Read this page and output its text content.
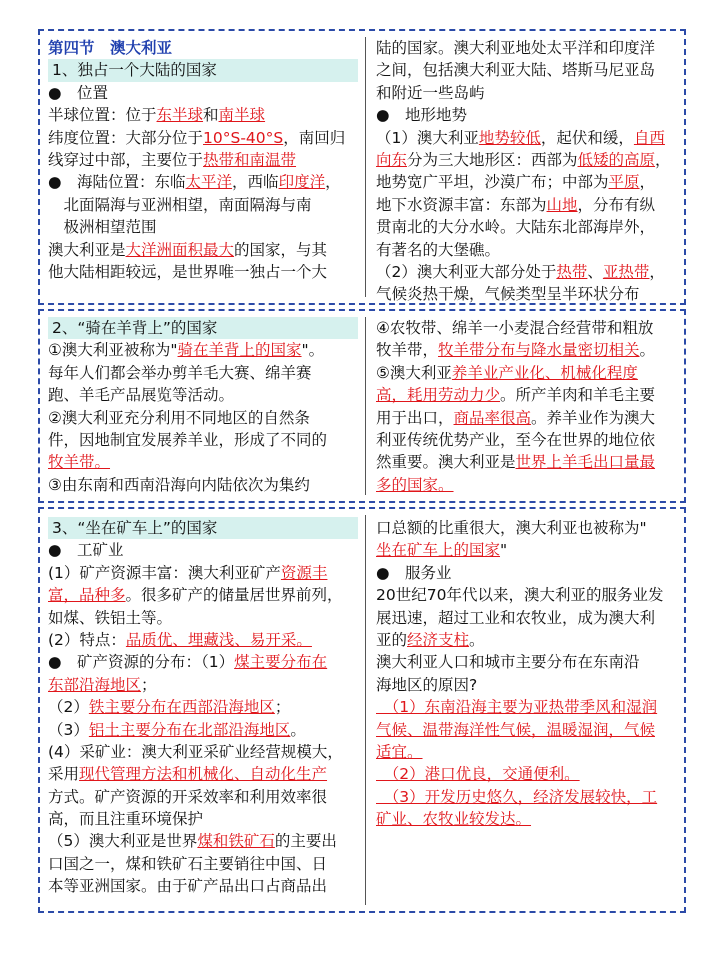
第四节　澳大利亚
1、独占一个大陆的国家
●　位置
半球位置：位于东半球和南半球
纬度位置：大部分位于10°S-40°S，南回归
线穿过中部，主要位于热带和南温带
●　海陆位置：东临太平洋，西临印度洋，
　北面隔海与亚洲相望，南面隔海与南
　极洲相望范围
澳大利亚是大洋洲面积最大的国家，与其
他大陆相距较远，是世界唯一独占一个大
陆的国家。澳大利亚地处太平洋和印度洋
之间，包括澳大利亚大陆、塔斯马尼亚岛
和附近一些岛屿
●　地形地势
（1）澳大利亚地势较低，起伏和缓，自西
向东分为三大地形区：西部为低矮的高原，
地势宽广平坦，沙漠广布；中部为平原，
地下水资源丰富：东部为山地，分布有纵
贯南北的大分水岭。大陆东北部海岸外，
有著名的大堡礁。
（2）澳大利亚大部分处于热带、亚热带，
气候炎热干燥，气候类型呈半环状分布
2、“骑在羊背上”的国家
①澳大利亚被称为"骑在羊背上的国家"。
每年人们都会举办剪羊毛大赛、绵羊赛
跑、羊毛产品展览等活动。
②澳大利亚充分利用不同地区的自然条
件，因地制宜发展养羊业，形成了不同的
牧羊带。
③由东南和西南沿海向内陆依次为集约
④农牧带、绵羊一小麦混合经营带和粗放
牧羊带，牧羊带分布与降水量密切相关。
⑤澳大利亚养羊业产业化、机械化程度
高，耗用劳动力少。所产羊肉和羊毛主要
用于出口，商品率很高。养羊业作为澳大
利亚传统优势产业，至今在世界的地位依
然重要。澳大利亚是世界上羊毛出口量最
多的国家。
3、“坐在矿车上”的国家
●　工矿业
(1）矿产资源丰富：澳大利亚矿产资源丰
富，品种多。很多矿产的储量居世界前列，
如煤、铁铝土等。
(2）特点：品质优、埋藏浅、易开采。
●　矿产资源的分布：（1）煤主要分布在
东部沿海地区；
（2）铁主要分布在西部沿海地区；
（3）铝土主要分布在北部沿海地区。
(4）采矿业：澳大利亚采矿业经营规模大，
采用现代管理方法和机械化、自动化生产
方式。矿产资源的开采效率和利用效率很
高，而且注重环境保护
（5）澳大利亚是世界煤和铁矿石的主要出
口国之一，煤和铁矿石主要销往中国、日
本等亚洲国家。由于矿产品出口占商品出
口总额的比重很大，澳大利亚也被称为"
坐在矿车上的国家"
●　服务业
20世纪70年代以来，澳大利亚的服务业发
展迅速，超过工业和农牧业，成为澳大利
亚的经济支柱。
澳大利亚人口和城市主要分布在东南沿
海地区的原因?
　（1）东南沿海主要为亚热带季风和湿润
气候、温带海洋性气候，温暖湿润，气候
适宜。
　（2）港口优良，交通便利。
　（3）开发历史悠久，经济发展较快，工
矿业、农牧业较发达。
